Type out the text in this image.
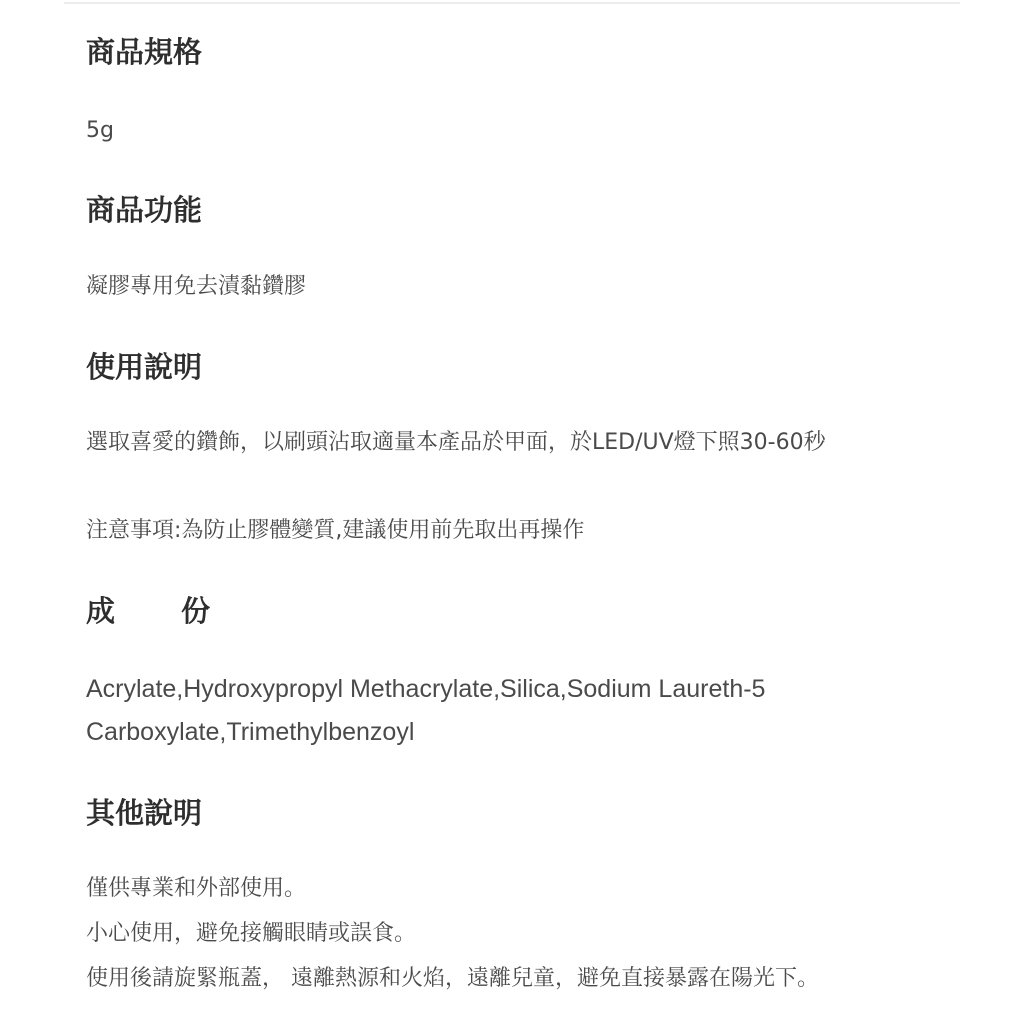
商品規格

5g

商品功能

凝膠專用免去漬黏鑽膠

使用說明

選取喜愛的鑽飾，以刷頭沾取適量本產品於甲面，於LED/UV燈下照30-60秒

注意事項:為防止膠體變質,建議使用前先取出再操作

成 份

Acrylate,Hydroxypropyl Methacrylate,Silica,Sodium Laureth-5 Carboxylate,Trimethylbenzoyl

其他說明
僅供專業和外部使用。
小心使用，避免接觸眼睛或誤食。
使用後請旋緊瓶蓋， 遠離熱源和火焰，遠離兒童，避免直接暴露在陽光下。
